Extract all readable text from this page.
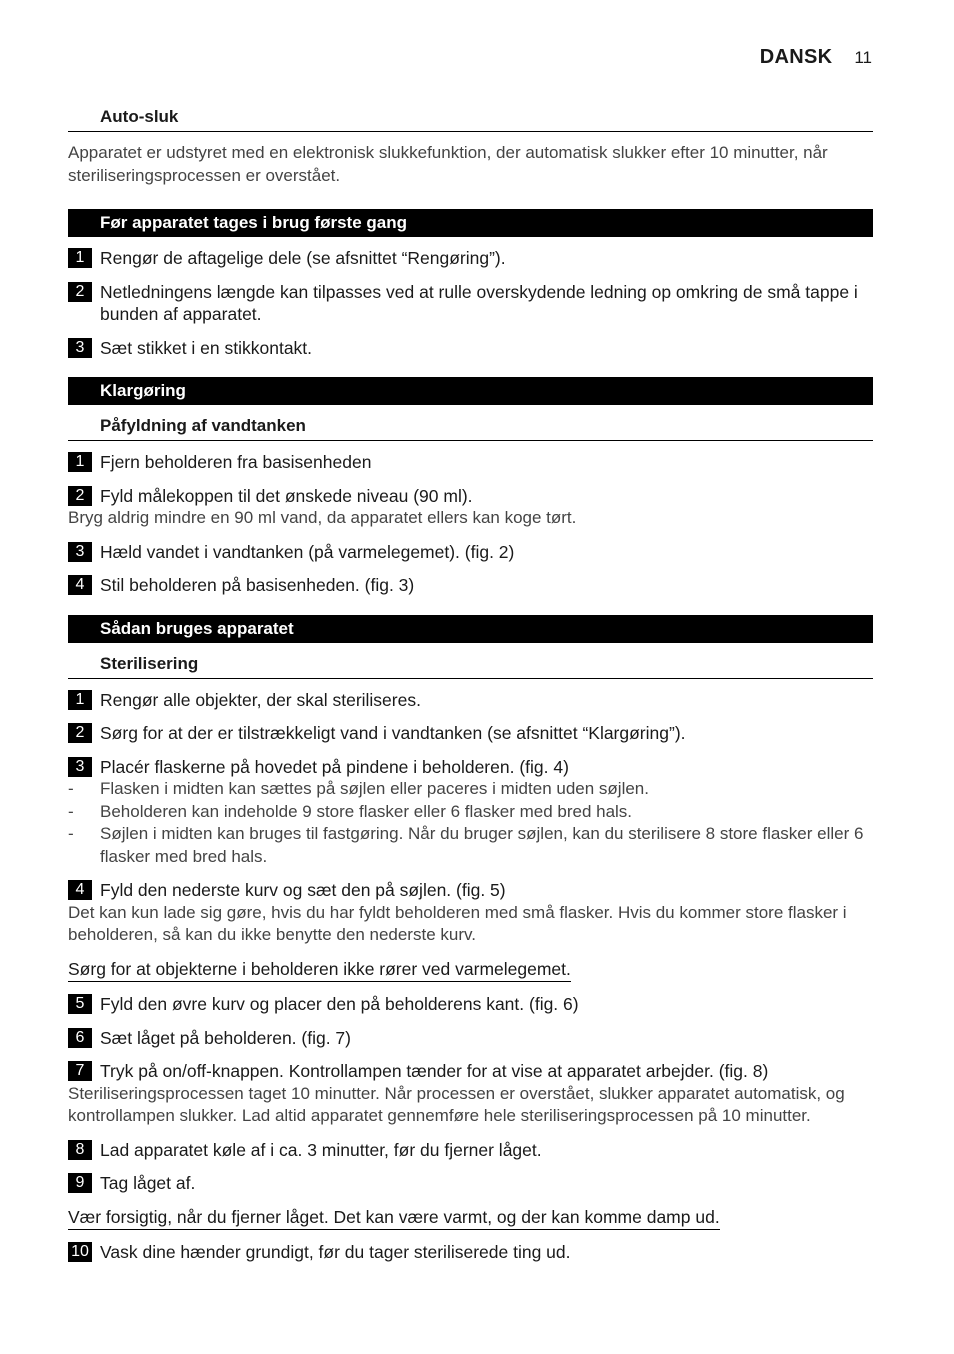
DANSK 11
Auto-sluk
Apparatet er udstyret med en elektronisk slukkefunktion, der automatisk slukker efter 10 minutter, når steriliseringsprocessen er overstået.
Før apparatet tages i brug første gang
1 Rengør de aftagelige dele (se afsnittet “Rengøring”).
2 Netledningens længde kan tilpasses ved at rulle overskydende ledning op omkring de små tappe i bunden af apparatet.
3 Sæt stikket i en stikkontakt.
Klargøring
Påfyldning af vandtanken
1 Fjern beholderen fra basisenheden
2 Fyld målekoppen til det ønskede niveau (90 ml).
Bryg aldrig mindre en 90 ml vand, da apparatet ellers kan koge tørt.
3 Hæld vandet i vandtanken (på varmelegemet). (fig. 2)
4 Stil beholderen på basisenheden. (fig. 3)
Sådan bruges apparatet
Sterilisering
1 Rengør alle objekter, der skal steriliseres.
2 Sørg for at der er tilstrækkeligt vand i vandtanken (se afsnittet “Klargøring”).
3 Placér flaskerne på hovedet på pindene i beholderen. (fig. 4)
- Flasken i midten kan sættes på søjlen eller paceres i midten uden søjlen.
- Beholderen kan indeholde 9 store flasker eller 6 flasker med bred hals.
- Søjlen i midten kan bruges til fastgøring. Når du bruger søjlen, kan du sterilisere 8 store flasker eller 6 flasker med bred hals.
4 Fyld den nederste kurv og sæt den på søjlen. (fig. 5)
Det kan kun lade sig gøre, hvis du har fyldt beholderen med små flasker. Hvis du kommer store flasker i beholderen, så kan du ikke benytte den nederste kurv.
Sørg for at objekterne i beholderen ikke rører ved varmelegemet.
5 Fyld den øvre kurv og placer den på beholderens kant. (fig. 6)
6 Sæt låget på beholderen. (fig. 7)
7 Tryk på on/off-knappen. Kontrollampen tænder for at vise at apparatet arbejder. (fig. 8)
Steriliseringsprocessen taget 10 minutter. Når processen er overstået, slukker apparatet automatisk, og kontrollampen slukker. Lad altid apparatet gennemføre hele steriliseringsprocessen på 10 minutter.
8 Lad apparatet køle af i ca. 3 minutter, før du fjerner låget.
9 Tag låget af.
Vær forsigtig, når du fjerner låget. Det kan være varmt, og der kan komme damp ud.
10 Vask dine hænder grundigt, før du tager steriliserede ting ud.
